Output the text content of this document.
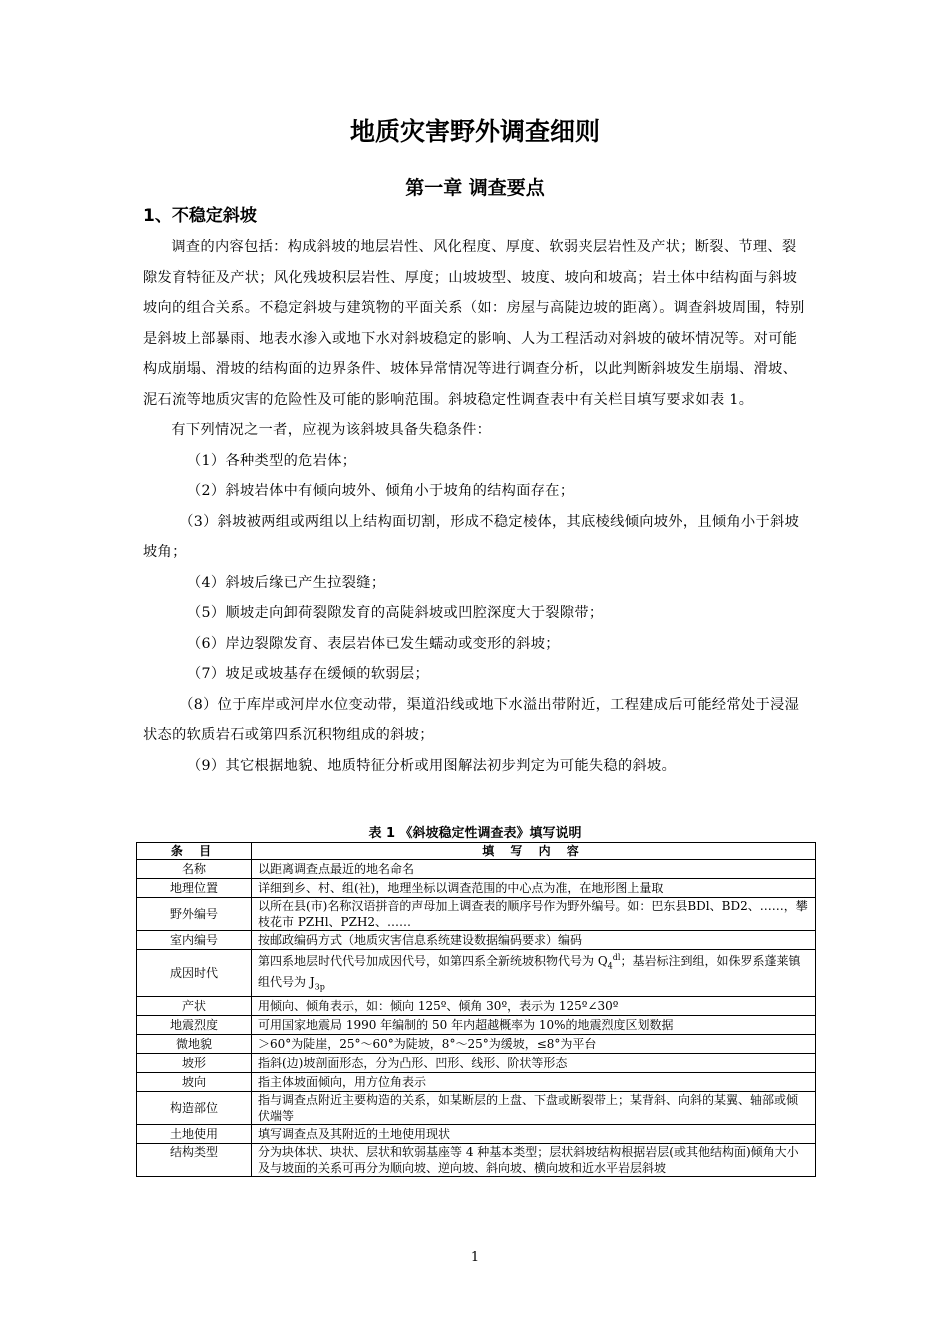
地质灾害野外调查细则
第一章 调查要点
1、不稳定斜坡

调查的内容包括：构成斜坡的地层岩性、风化程度、厚度、软弱夹层岩性及产状；断裂、节理、裂隙发育特征及产状；风化残坡积层岩性、厚度；山坡坡型、坡度、坡向和坡高；岩土体中结构面与斜坡坡向的组合关系。不稳定斜坡与建筑物的平面关系（如：房屋与高陡边坡的距离）。调查斜坡周围，特别是斜坡上部暴雨、地表水渗入或地下水对斜坡稳定的影响、人为工程活动对斜坡的破坏情况等。对可能构成崩塌、滑坡的结构面的边界条件、坡体异常情况等进行调查分析，以此判断斜坡发生崩塌、滑坡、泥石流等地质灾害的危险性及可能的影响范围。斜坡稳定性调查表中有关栏目填写要求如表 1。

有下列情况之一者，应视为该斜坡具备失稳条件：

（1）各种类型的危岩体；

（2）斜坡岩体中有倾向坡外、倾角小于坡角的结构面存在；

（3）斜坡被两组或两组以上结构面切割，形成不稳定棱体，其底棱线倾向坡外，且倾角小于斜坡坡角；

（4）斜坡后缘已产生拉裂缝；

（5）顺坡走向卸荷裂隙发育的高陡斜坡或凹腔深度大于裂隙带；

（6）岸边裂隙发育、表层岩体已发生蠕动或变形的斜坡；

（7）坡足或坡基存在缓倾的软弱层；

（8）位于库岸或河岸水位变动带，渠道沿线或地下水溢出带附近，工程建成后可能经常处于浸湿状态的软质岩石或第四系沉积物组成的斜坡；

（9）其它根据地貌、地质特征分析或用图解法初步判定为可能失稳的斜坡。

表 1 《斜坡稳定性调查表》填写说明
条 目	填 写 内 容
名称	以距离调查点最近的地名命名
地理位置	详细到乡、村、组(社)，地理坐标以调查范围的中心点为准，在地形图上量取
野外编号	以所在县(市)名称汉语拼音的声母加上调查表的顺序号作为野外编号。如：巴东县BDl、BD2、……，攀枝花市 PZHl、PZH2、……
室内编号	按邮政编码方式（地质灾害信息系统建设数据编码要求）编码
成因时代	第四系地层时代代号加成因代号，如第四系全新统坡积物代号为 $Q_4^{dl}$；基岩标注到组，如侏罗系蓬莱镇组代号为 $J_{3p}$
产状	用倾向、倾角表示，如：倾向 125º、倾角 30º，表示为 125º∠30º
地震烈度	可用国家地震局 1990 年编制的 50 年内超越概率为 10%的地震烈度区划数据
微地貌	＞60°为陡崖，25°～60°为陡坡，8°～25°为缓坡，≤8°为平台
坡形	指斜(边)坡剖面形态，分为凸形、凹形、线形、阶状等形态
坡向	指主体坡面倾向，用方位角表示
构造部位	指与调查点附近主要构造的关系，如某断层的上盘、下盘或断裂带上；某背斜、向斜的某翼、轴部或倾伏端等
土地使用	填写调查点及其附近的土地使用现状
结构类型	分为块体状、块状、层状和软弱基座等 4 种基本类型；层状斜坡结构根据岩层(或其他结构面)倾角大小及与坡面的关系可再分为顺向坡、逆向坡、斜向坡、横向坡和近水平岩层斜坡
1
